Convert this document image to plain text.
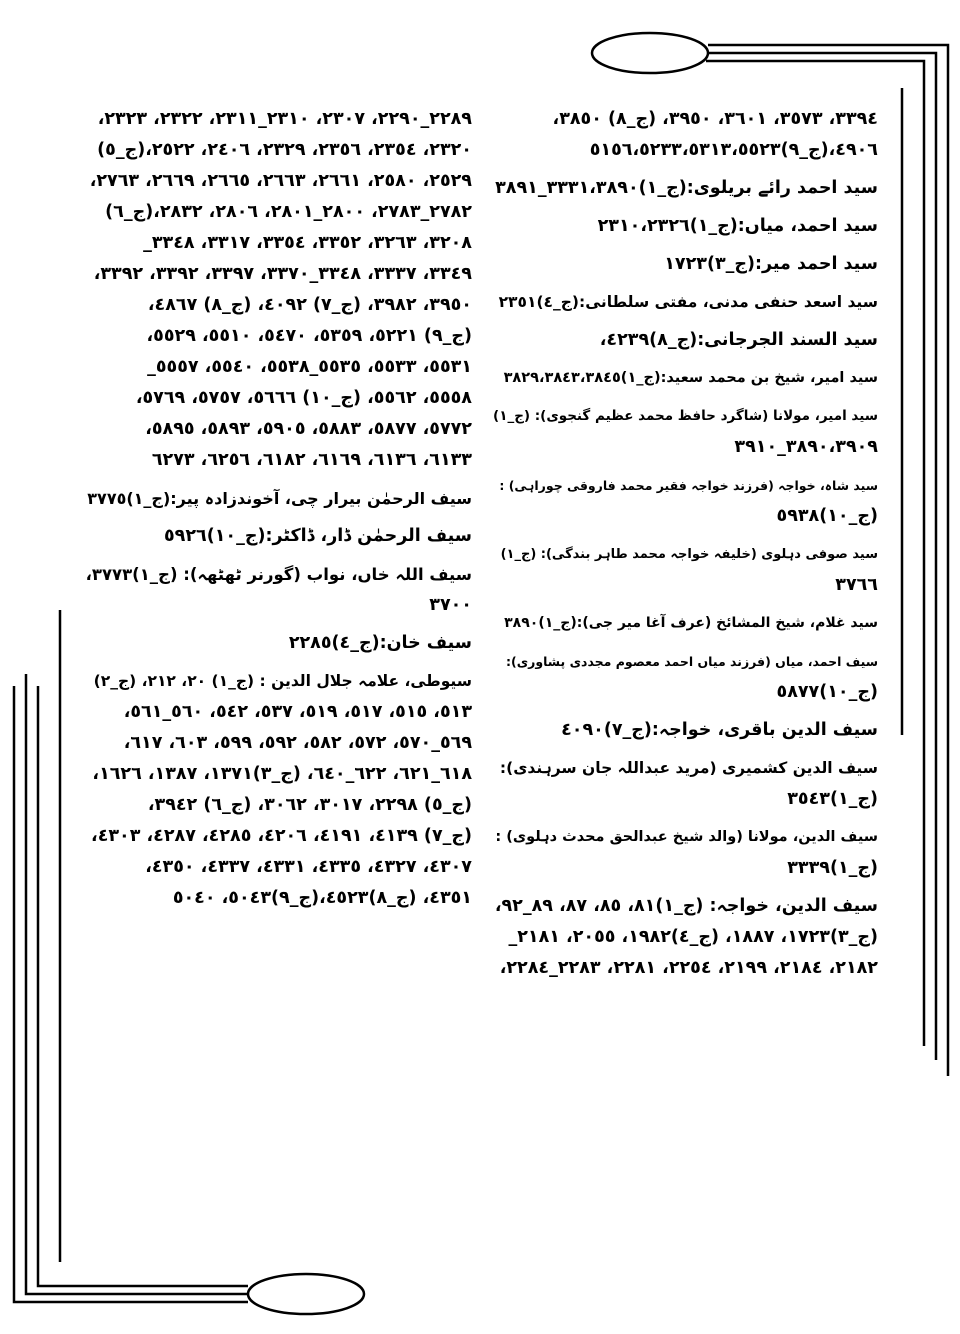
٣٣٩٤، ٣٥٧٣، ٣٦٠١، ٣٩٥٠، (ج_٨) ٣٨٥٠،

٤٩٠٦،(ج_٩)٥١٥٦،٥٢٣٣،٥٣١٣،٥٥٢٣

سید احمد رائے بریلوی:(ج_١)٣٣٣١،٣٨٩٠_٣٨٩١

سید احمد، میاں:(ج_١)٢٣١٠،٢٣٢٦

سید احمد میر:(ج_٣)١٧٢٣

سید اسعد حنفی مدنی، مفتی سلطانی:(ج_٤)٢٣٥١

سید السند الجرجانی:(ج_٨)٤٢٣٩،

سید امیر، شیخ بن محمد سعید:(ج_١)٣٨٢٩،٣٨٤٣،٣٨٤٥

سید امیر، مولانا (شاگرد حافظ محمد عظیم گنجوی): (ج_١)

٣٨٩٠،٣٩٠٩_٣٩١٠

سید شاہ، خواجہ (فرزند خواجہ فقیر محمد فاروقی چوراہی) :

(ج_١٠)٥٩٣٨

سید صوفی دہلوی (خلیفہ خواجہ محمد طاہر بندگی): (ج_١)

٣٧٦٦

سید غلام، شیخ المشائخ (عرف آغا میر جی):(ج_١)٣٨٩٠

سیف احمد، میاں (فرزند میاں احمد معصوم مجددی پشاوری):

(ج_١٠)٥٨٧٧

سیف الدین باقری، خواجہ:(ج_٧)٤٠٩٠

سیف الدین کشمیری (مرید عبداللہ جان سرہندی):

(ج_١)٣٥٤٣

سیف الدین، مولانا (والد شیخ عبدالحق محدث دہلوی) :

(ج_١)٣٣٣٩

سیف الدین، خواجہ: (ج_١)٨١، ٨٥، ٨٧، ٨٩_٩٢،

(ج_٣)١٧٢٣، ١٨٨٧، (ج_٤)١٩٨٢، ٢٠٥٥، ٢١٨١_

٢١٨٢، ٢١٨٤، ٢١٩٩، ٢٢٥٤، ٢٢٨١، ٢٢٨٣_٢٢٨٤،

٢٢٨٩_٢٢٩٠، ٢٣٠٧، ٢٣١٠_٢٣١١، ٢٣٢٢، ٢٣٢٣،

٢٣٢٠، ٢٣٥٤، ٢٣٥٦، ٢٣٢٩، ٢٤٠٦، ٢٥٢٢،(ج_٥)

٢٥٢٩، ٢٥٨٠، ٢٦٦١، ٢٦٦٣، ٢٦٦٥، ٢٦٦٩، ٢٧٦٣،

٢٧٨٢_٢٧٨٣، ٢٨٠٠_٢٨٠١، ٢٨٠٦، ٢٨٣٢،(ج_٦)

٣٢٠٨، ٣٢٦٣، ٣٣٥٢، ٣٣٥٤، ٣٣١٧، ٣٣٤٨_

٣٣٤٩، ٣٣٣٧، ٣٣٤٨_٣٣٧٠، ٣٣٩٧، ٣٣٩٢، ٣٣٩٢،

٣٩٥٠، ٣٩٨٢، (ج_٧) ٤٠٩٢، (ج_٨) ٤٨٦٧،

(ج_٩) ٥٢٢١، ٥٣٥٩، ٥٤٧٠، ٥٥١٠، ٥٥٢٩،

٥٥٣١، ٥٥٣٣، ٥٥٣٥_٥٥٣٨، ٥٥٤٠، ٥٥٥٧_

٥٥٥٨، ٥٥٦٢، (ج_١٠) ٥٦٦٦، ٥٧٥٧، ٥٧٦٩،

٥٧٧٢، ٥٨٧٧، ٥٨٨٣، ٥٩٠٥، ٥٨٩٣، ٥٨٩٥،

٦١٣٣، ٦١٣٦، ٦١٦٩، ٦١٨٢، ٦٢٥٦، ٦٢٧٣

سیف الرحمٰن بیرار چی، آخوندزادہ پیر:(ج_١)٣٧٧٥

سیف الرحمٰن ڈار، ڈاکٹر:(ج_١٠)٥٩٢٦

سیف اللہ خاں، نواب (گورنر ٹھٹھہ): (ج_١)٣٧٧٣،

٣٧٠٠

سیف خان:(ج_٤)٢٢٨٥

سیوطی، علامہ جلال الدین : (ج_١) ٢٠، ٢١٢، (ج_٢)

٥١٣، ٥١٥، ٥١٧، ٥١٩، ٥٣٧، ٥٤٢، ٥٦٠_٥٦١،

٥٦٩_٥٧٠، ٥٧٢، ٥٨٢، ٥٩٢، ٥٩٩، ٦٠٣، ٦١٧،

٦١٨_٦٢١، ٦٢٢_٦٤٠، (ج_٣)١٣٧١، ١٣٨٧، ١٦٢٦،

(ج_٥) ٢٢٩٨، ٣٠١٧، ٣٠٦٢، (ج_٦) ٣٩٤٢،

(ج_٧) ٤١٣٩، ٤١٩١، ٤٢٠٦، ٤٢٨٥، ٤٢٨٧، ٤٣٠٣،

٤٣٠٧، ٤٣٢٧، ٤٣٣٥، ٤٣٣١، ٤٣٣٧، ٤٣٥٠،

٤٣٥١، (ج_٨)٤٥٢٣،(ج_٩)٥٠٤٣، ٥٠٤٠
